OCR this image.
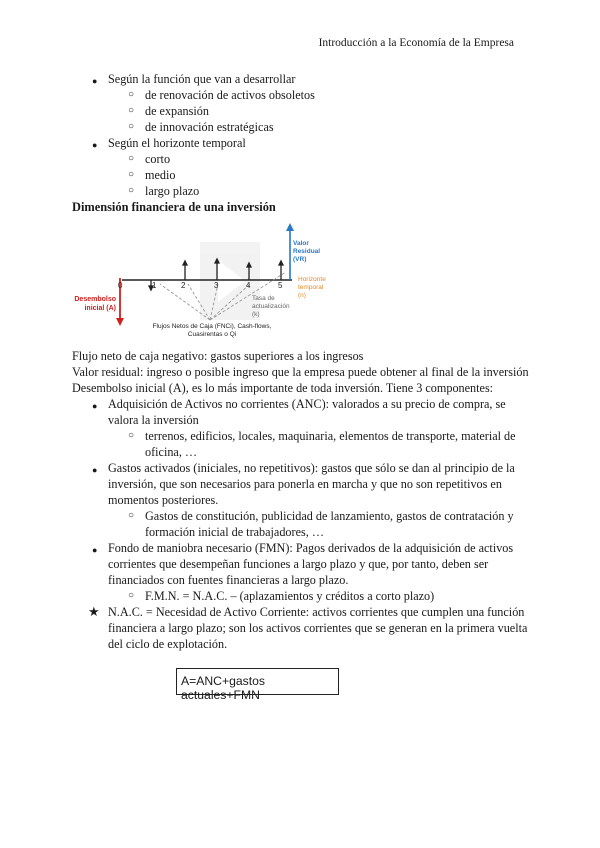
Introducción a la Economía de la Empresa
● Según la función que van a desarrollar
○ de renovación de activos obsoletos
○ de expansión
○ de innovación estratégicas
● Según el horizonte temporal
○ corto
○ medio
○ largo plazo
Dimensión financiera de una inversión
0	1	2	3	4	5
Desembolso
inicial (A)
Valor
Residual
(VR)
Horizonte
temporal
(n)
Tasa de
actualización
(k)
Flujos Netos de Caja (FNCi), Cash-flows,
Cuasirentas o Qi
Flujo neto de caja negativo: gastos superiores a los ingresos
Valor residual: ingreso o posible ingreso que la empresa puede obtener al final de la inversión
Desembolso inicial (A), es lo más importante de toda inversión. Tiene 3 componentes:
● Adquisición de Activos no corrientes (ANC): valorados a su precio de compra, se
valora la inversión
○ terrenos, edificios, locales, maquinaria, elementos de transporte, material de
oficina, …
● Gastos activados (iniciales, no repetitivos): gastos que sólo se dan al principio de la
inversión, que son necesarios para ponerla en marcha y que no son repetitivos en
momentos posteriores.
○ Gastos de constitución, publicidad de lanzamiento, gastos de contratación y
formación inicial de trabajadores, …
● Fondo de maniobra necesario (FMN): Pagos derivados de la adquisición de activos
corrientes que desempeñan funciones a largo plazo y que, por tanto, deben ser
financiados con fuentes financieras a largo plazo.
○ F.M.N. = N.A.C. – (aplazamientos y créditos a corto plazo)
★ N.A.C. = Necesidad de Activo Corriente: activos corrientes que cumplen una función
financiera a largo plazo; son los activos corrientes que se generan en la primera vuelta
del ciclo de explotación.
A=ANC+gastos actuales+FMN
